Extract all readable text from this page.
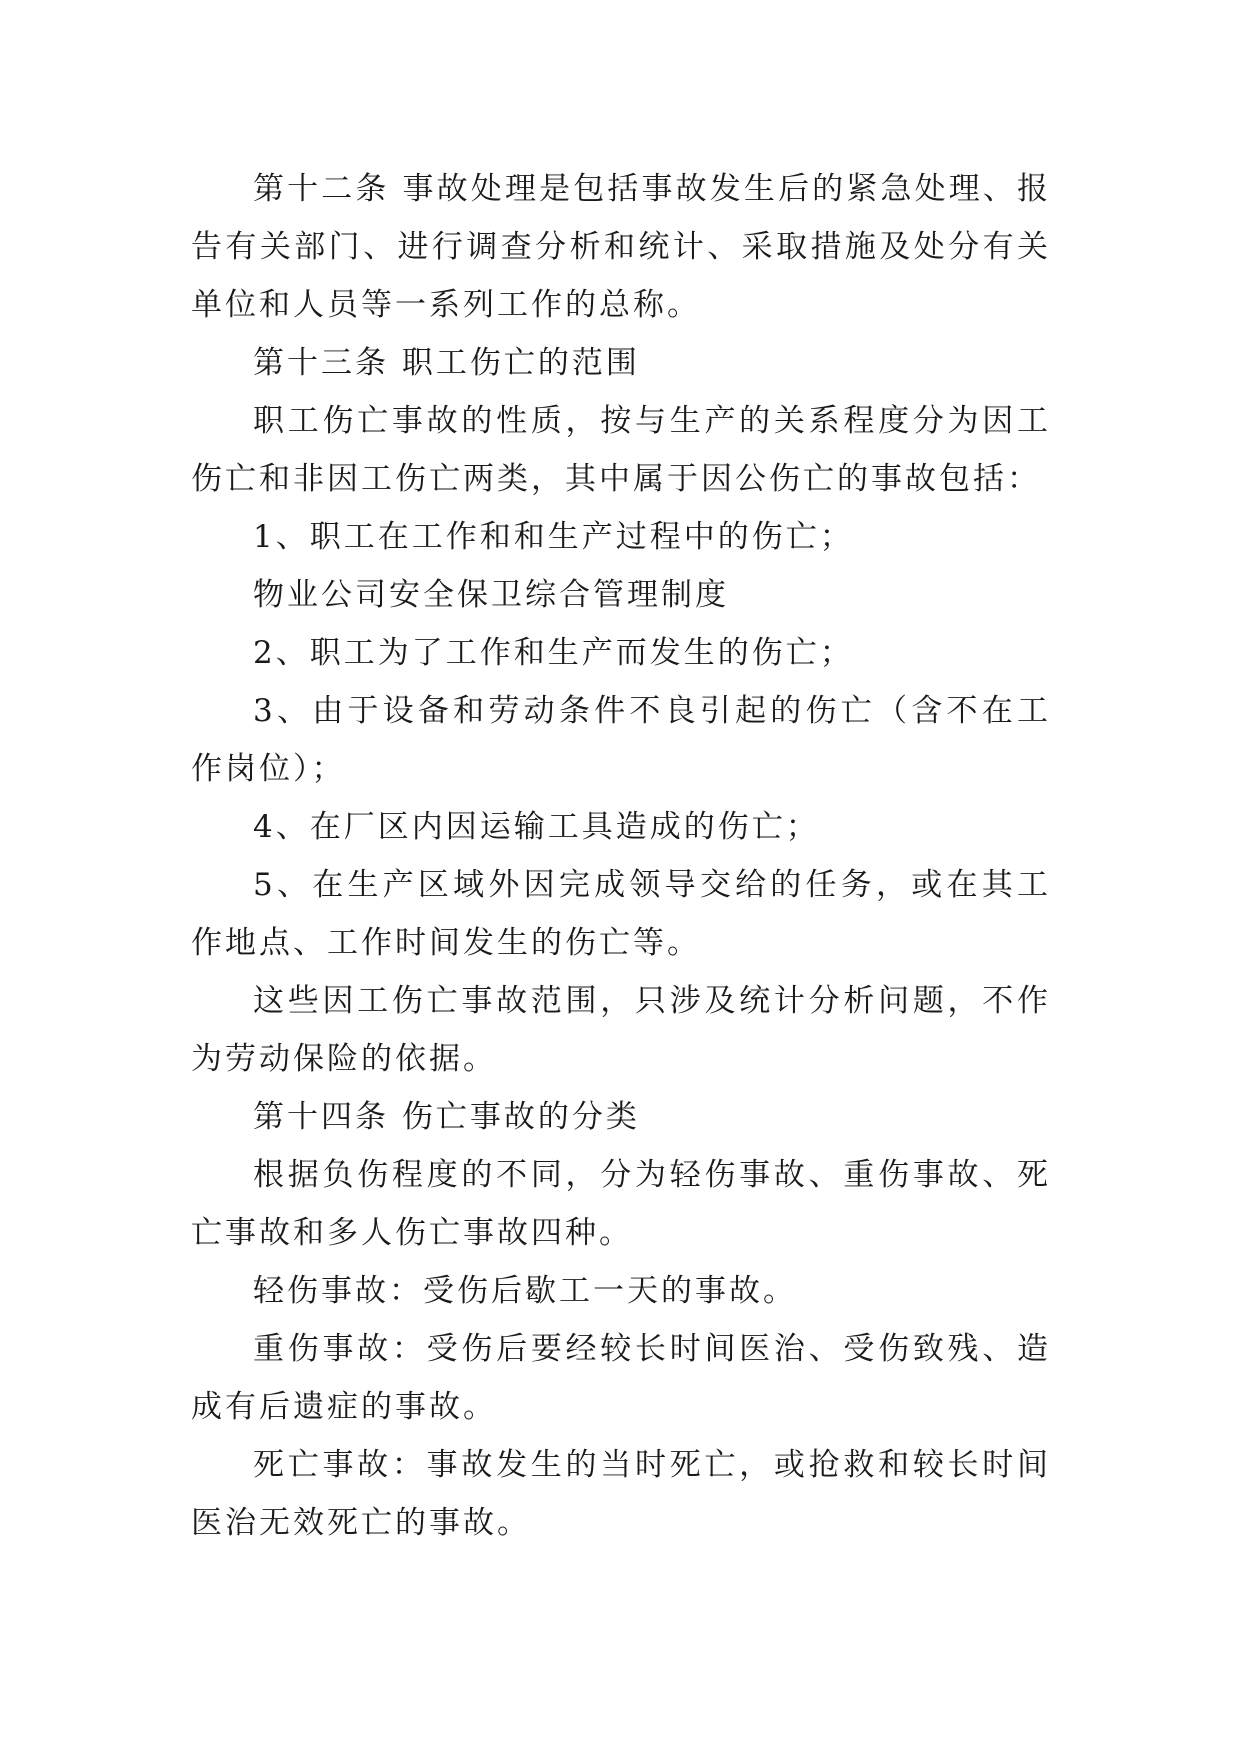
第十二条 事故处理是包括事故发生后的紧急处理、报告有关部门、进行调查分析和统计、采取措施及处分有关单位和人员等一系列工作的总称。

第十三条 职工伤亡的范围

职工伤亡事故的性质，按与生产的关系程度分为因工伤亡和非因工伤亡两类，其中属于因公伤亡的事故包括：

1、职工在工作和和生产过程中的伤亡；

物业公司安全保卫综合管理制度

2、职工为了工作和生产而发生的伤亡；

3、由于设备和劳动条件不良引起的伤亡（含不在工作岗位）；

4、在厂区内因运输工具造成的伤亡；

5、在生产区域外因完成领导交给的任务，或在其工作地点、工作时间发生的伤亡等。

这些因工伤亡事故范围，只涉及统计分析问题，不作为劳动保险的依据。

第十四条 伤亡事故的分类

根据负伤程度的不同，分为轻伤事故、重伤事故、死亡事故和多人伤亡事故四种。

轻伤事故：受伤后歇工一天的事故。

重伤事故：受伤后要经较长时间医治、受伤致残、造成有后遗症的事故。

死亡事故：事故发生的当时死亡，或抢救和较长时间医治无效死亡的事故。
